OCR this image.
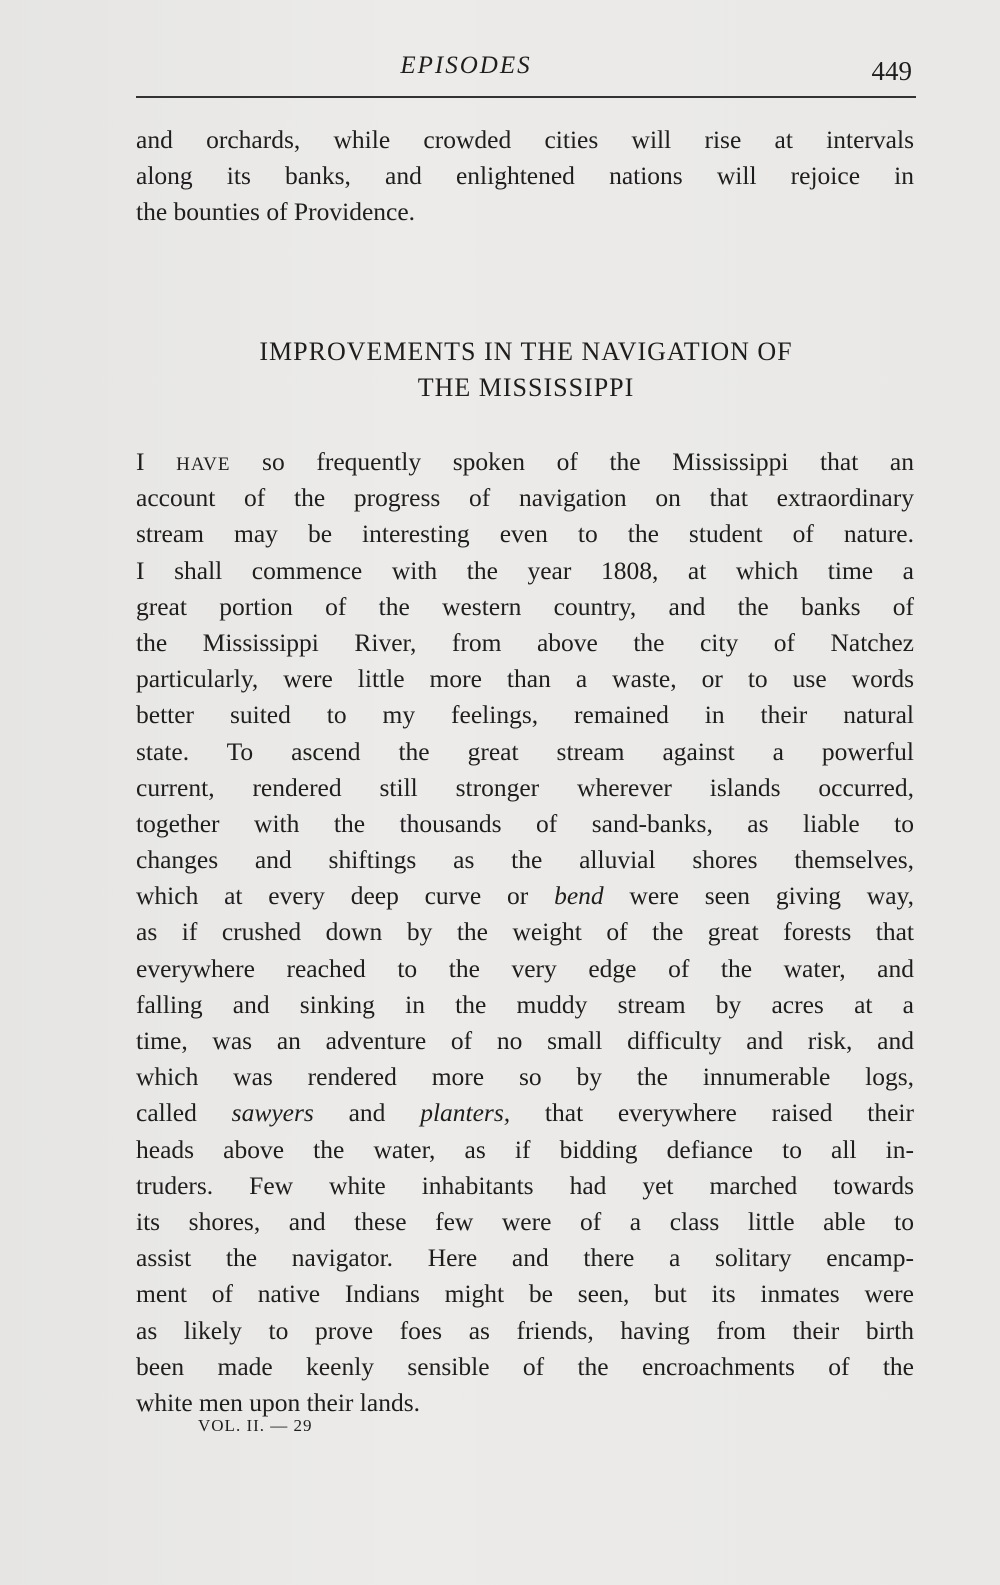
EPISODES	449
and orchards, while crowded cities will rise at intervals
along its banks, and enlightened nations will rejoice in
the bounties of Providence.
IMPROVEMENTS IN THE NAVIGATION OF
THE MISSISSIPPI
I HAVE so frequently spoken of the Mississippi that an
account of the progress of navigation on that extraordinary
stream may be interesting even to the student of nature.
I shall commence with the year 1808, at which time a
great portion of the western country, and the banks of
the Mississippi River, from above the city of Natchez
particularly, were little more than a waste, or to use words
better suited to my feelings, remained in their natural
state. To ascend the great stream against a powerful
current, rendered still stronger wherever islands occurred,
together with the thousands of sand-banks, as liable to
changes and shiftings as the alluvial shores themselves,
which at every deep curve or bend were seen giving way,
as if crushed down by the weight of the great forests that
everywhere reached to the very edge of the water, and
falling and sinking in the muddy stream by acres at a
time, was an adventure of no small difficulty and risk, and
which was rendered more so by the innumerable logs,
called sawyers and planters, that everywhere raised their
heads above the water, as if bidding defiance to all in-
truders. Few white inhabitants had yet marched towards
its shores, and these few were of a class little able to
assist the navigator. Here and there a solitary encamp-
ment of native Indians might be seen, but its inmates were
as likely to prove foes as friends, having from their birth
been made keenly sensible of the encroachments of the
white men upon their lands.
VOL. II. — 29
